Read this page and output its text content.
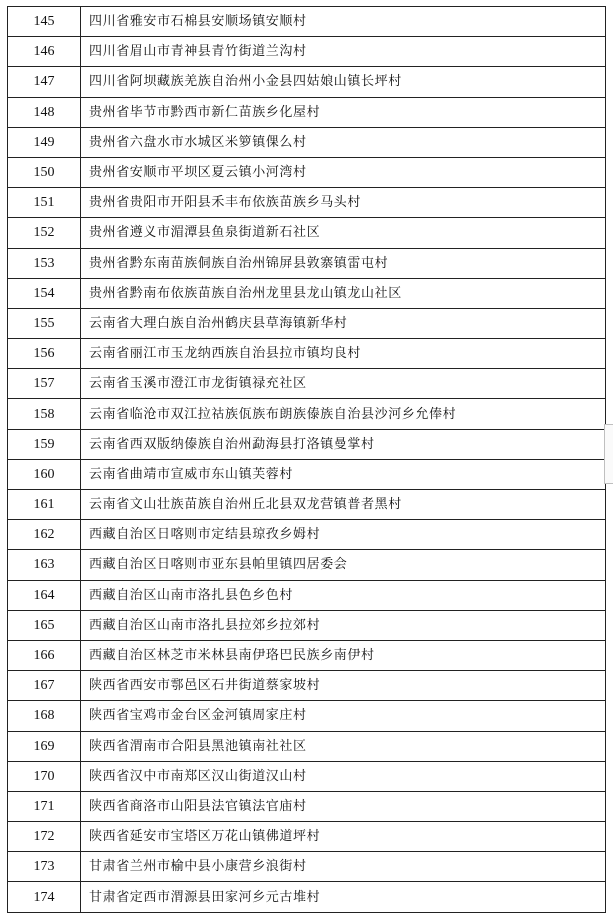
145	四川省雅安市石棉县安顺场镇安顺村
146	四川省眉山市青神县青竹街道兰沟村
147	四川省阿坝藏族羌族自治州小金县四姑娘山镇长坪村
148	贵州省毕节市黔西市新仁苗族乡化屋村
149	贵州省六盘水市水城区米箩镇倮么村
150	贵州省安顺市平坝区夏云镇小河湾村
151	贵州省贵阳市开阳县禾丰布依族苗族乡马头村
152	贵州省遵义市湄潭县鱼泉街道新石社区
153	贵州省黔东南苗族侗族自治州锦屏县敦寨镇雷屯村
154	贵州省黔南布依族苗族自治州龙里县龙山镇龙山社区
155	云南省大理白族自治州鹤庆县草海镇新华村
156	云南省丽江市玉龙纳西族自治县拉市镇均良村
157	云南省玉溪市澄江市龙街镇禄充社区
158	云南省临沧市双江拉祜族佤族布朗族傣族自治县沙河乡允俸村
159	云南省西双版纳傣族自治州勐海县打洛镇曼掌村
160	云南省曲靖市宣威市东山镇芙蓉村
161	云南省文山壮族苗族自治州丘北县双龙营镇普者黑村
162	西藏自治区日喀则市定结县琼孜乡姆村
163	西藏自治区日喀则市亚东县帕里镇四居委会
164	西藏自治区山南市洛扎县色乡色村
165	西藏自治区山南市洛扎县拉郊乡拉郊村
166	西藏自治区林芝市米林县南伊珞巴民族乡南伊村
167	陕西省西安市鄠邑区石井街道蔡家坡村
168	陕西省宝鸡市金台区金河镇周家庄村
169	陕西省渭南市合阳县黑池镇南社社区
170	陕西省汉中市南郑区汉山街道汉山村
171	陕西省商洛市山阳县法官镇法官庙村
172	陕西省延安市宝塔区万花山镇佛道坪村
173	甘肃省兰州市榆中县小康营乡浪街村
174	甘肃省定西市渭源县田家河乡元古堆村
